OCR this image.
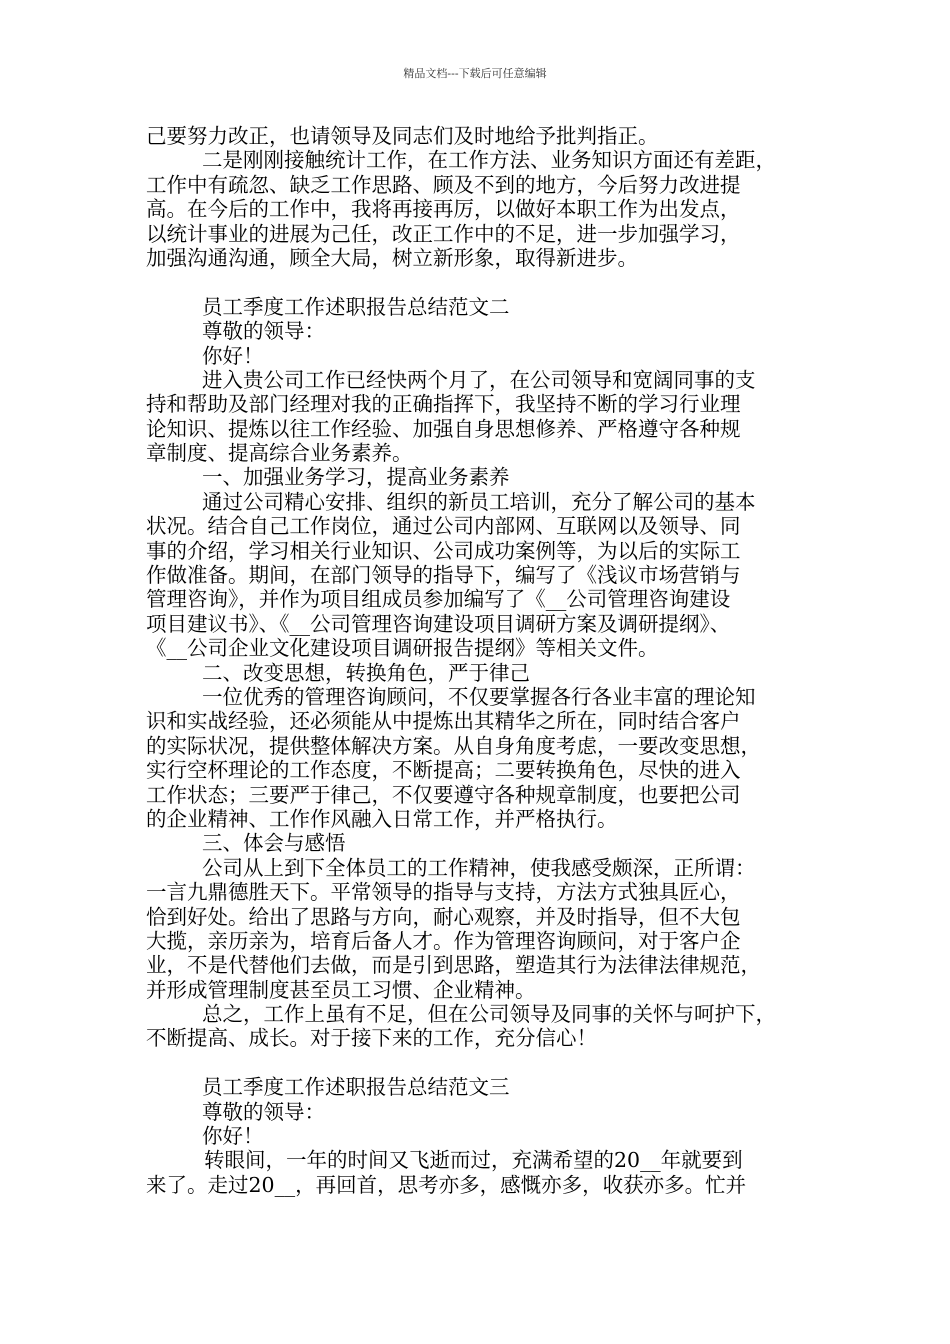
精品文档---下载后可任意编辑
己要努力改正，也请领导及同志们及时地给予批判指正。
二是刚刚接触统计工作，在工作方法、业务知识方面还有差距，
工作中有疏忽、缺乏工作思路、顾及不到的地方，今后努力改进提
高。在今后的工作中，我将再接再厉，以做好本职工作为出发点，
以统计事业的进展为己任，改正工作中的不足，进一步加强学习，
加强沟通沟通，顾全大局，树立新形象，取得新进步。
员工季度工作述职报告总结范文二
尊敬的领导：
你好！
进入贵公司工作已经快两个月了，在公司领导和宽阔同事的支
持和帮助及部门经理对我的正确指挥下，我坚持不断的学习行业理
论知识、提炼以往工作经验、加强自身思想修养、严格遵守各种规
章制度、提高综合业务素养。
一、加强业务学习，提高业务素养
通过公司精心安排、组织的新员工培训，充分了解公司的基本
状况。结合自己工作岗位，通过公司内部网、互联网以及领导、同
事的介绍，学习相关行业知识、公司成功案例等，为以后的实际工
作做准备。期间，在部门领导的指导下，编写了《浅议市场营销与
管理咨询》，并作为项目组成员参加编写了《__公司管理咨询建设
项目建议书》、《__公司管理咨询建设项目调研方案及调研提纲》、
《__公司企业文化建设项目调研报告提纲》等相关文件。
二、改变思想，转换角色，严于律己
一位优秀的管理咨询顾问，不仅要掌握各行各业丰富的理论知
识和实战经验，还必须能从中提炼出其精华之所在，同时结合客户
的实际状况，提供整体解决方案。从自身角度考虑，一要改变思想，
实行空杯理论的工作态度，不断提高；二要转换角色，尽快的进入
工作状态；三要严于律己，不仅要遵守各种规章制度，也要把公司
的企业精神、工作作风融入日常工作，并严格执行。
三、体会与感悟
公司从上到下全体员工的工作精神，使我感受颇深，正所谓：
一言九鼎德胜天下。平常领导的指导与支持，方法方式独具匠心，
恰到好处。给出了思路与方向，耐心观察，并及时指导，但不大包
大揽，亲历亲为，培育后备人才。作为管理咨询顾问，对于客户企
业，不是代替他们去做，而是引到思路，塑造其行为法律法律规范，
并形成管理制度甚至员工习惯、企业精神。
总之，工作上虽有不足，但在公司领导及同事的关怀与呵护下，
不断提高、成长。对于接下来的工作，充分信心！
员工季度工作述职报告总结范文三
尊敬的领导：
你好！
转眼间，一年的时间又飞逝而过，充满希望的20__年就要到
来了。走过20__，再回首，思考亦多，感慨亦多，收获亦多。忙并
